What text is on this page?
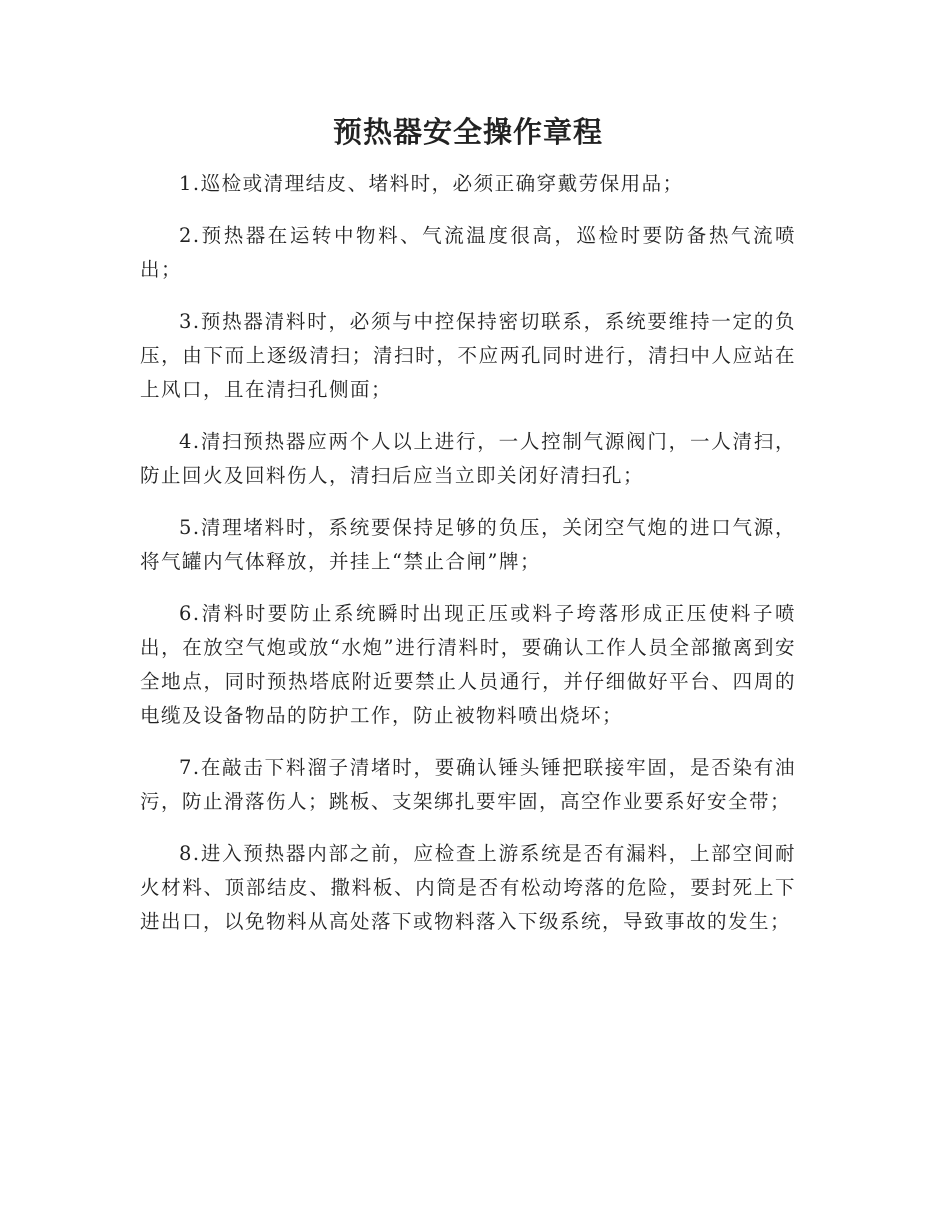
预热器安全操作章程

1.巡检或清理结皮、堵料时，必须正确穿戴劳保用品；

2.预热器在运转中物料、气流温度很高，巡检时要防备热气流喷出；

3.预热器清料时，必须与中控保持密切联系，系统要维持一定的负压，由下而上逐级清扫；清扫时，不应两孔同时进行，清扫中人应站在上风口，且在清扫孔侧面；

4.清扫预热器应两个人以上进行，一人控制气源阀门，一人清扫，防止回火及回料伤人，清扫后应当立即关闭好清扫孔；

5.清理堵料时，系统要保持足够的负压，关闭空气炮的进口气源，将气罐内气体释放，并挂上“禁止合闸”牌；

6.清料时要防止系统瞬时出现正压或料子垮落形成正压使料子喷出，在放空气炮或放“水炮”进行清料时，要确认工作人员全部撤离到安全地点，同时预热塔底附近要禁止人员通行，并仔细做好平台、四周的电缆及设备物品的防护工作，防止被物料喷出烧坏；

7.在敲击下料溜子清堵时，要确认锤头锤把联接牢固，是否染有油污，防止滑落伤人；跳板、支架绑扎要牢固，高空作业要系好安全带；

8.进入预热器内部之前，应检查上游系统是否有漏料，上部空间耐火材料、顶部结皮、撒料板、内筒是否有松动垮落的危险，要封死上下进出口，以免物料从高处落下或物料落入下级系统，导致事故的发生；
